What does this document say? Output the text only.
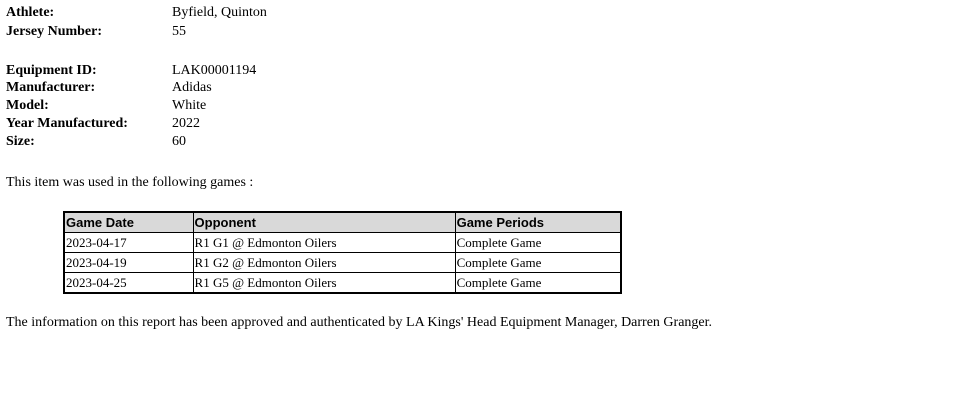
Athlete:	Byfield, Quinton
Jersey Number:	55
Equipment ID:	LAK00001194
Manufacturer:	Adidas
Model:	White
Year Manufactured:	2022
Size:	60
This item was used in the following games :
Game Date	Opponent	Game Periods
2023-04-17	R1 G1 @ Edmonton Oilers	Complete Game
2023-04-19	R1 G2 @ Edmonton Oilers	Complete Game
2023-04-25	R1 G5 @ Edmonton Oilers	Complete Game
The information on this report has been approved and authenticated by LA Kings' Head Equipment Manager, Darren Granger.
